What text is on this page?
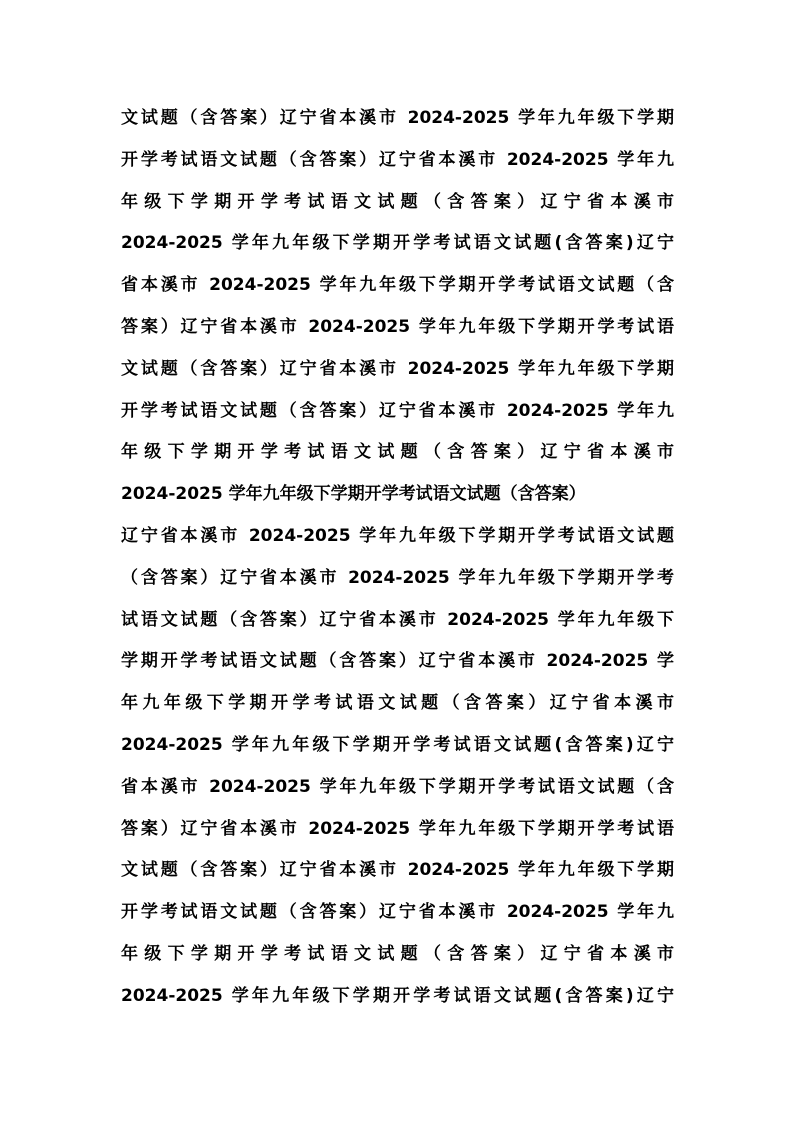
文试题（含答案）辽宁省本溪市 2024-2025 学年九年级下学期
开学考试语文试题（含答案）辽宁省本溪市 2024-2025 学年九
年级下学期开学考试语文试题（含答案）辽宁省本溪市
2024-2025 学年九年级下学期开学考试语文试题(含答案)辽宁
省本溪市 2024-2025 学年九年级下学期开学考试语文试题（含
答案）辽宁省本溪市 2024-2025 学年九年级下学期开学考试语
文试题（含答案）辽宁省本溪市 2024-2025 学年九年级下学期
开学考试语文试题（含答案）辽宁省本溪市 2024-2025 学年九
年级下学期开学考试语文试题（含答案）辽宁省本溪市
2024-2025 学年九年级下学期开学考试语文试题（含答案）
辽宁省本溪市 2024-2025 学年九年级下学期开学考试语文试题
（含答案）辽宁省本溪市 2024-2025 学年九年级下学期开学考
试语文试题（含答案）辽宁省本溪市 2024-2025 学年九年级下
学期开学考试语文试题（含答案）辽宁省本溪市 2024-2025 学
年九年级下学期开学考试语文试题（含答案）辽宁省本溪市
2024-2025 学年九年级下学期开学考试语文试题(含答案)辽宁
省本溪市 2024-2025 学年九年级下学期开学考试语文试题（含
答案）辽宁省本溪市 2024-2025 学年九年级下学期开学考试语
文试题（含答案）辽宁省本溪市 2024-2025 学年九年级下学期
开学考试语文试题（含答案）辽宁省本溪市 2024-2025 学年九
年级下学期开学考试语文试题（含答案）辽宁省本溪市
2024-2025 学年九年级下学期开学考试语文试题(含答案)辽宁
